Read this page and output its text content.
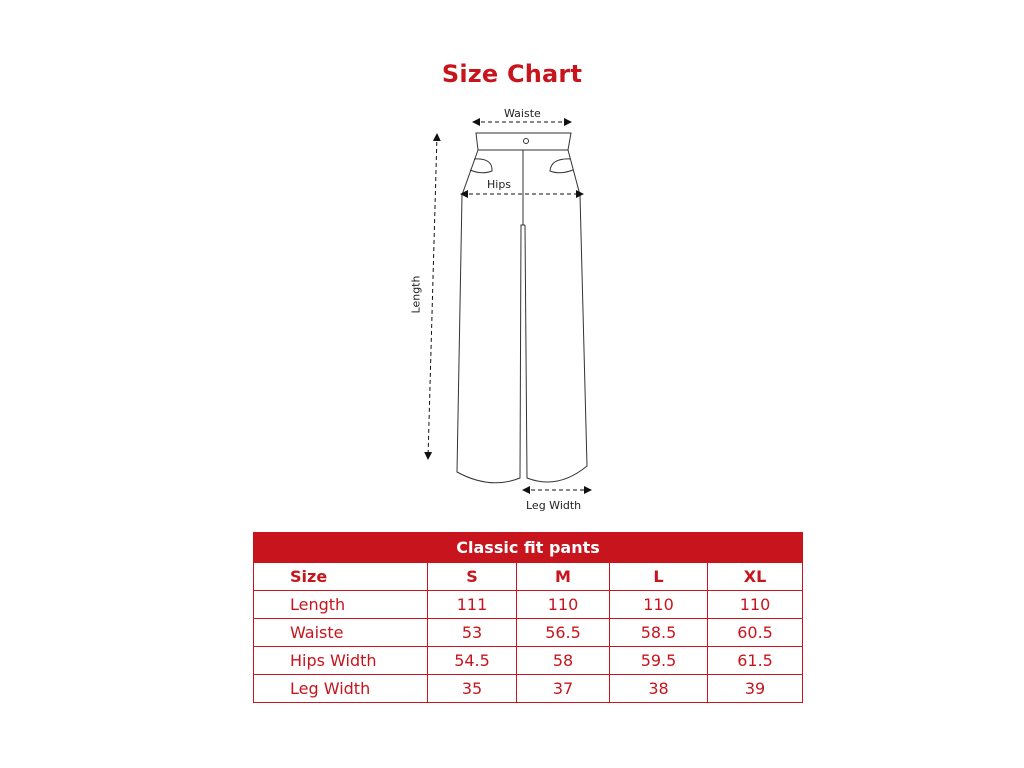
Size Chart
Waiste
Hips
Length
Leg Width
Classic fit pants				
Size	S	M	L	XL
Length	111	110	110	110
Waiste	53	56.5	58.5	60.5
Hips Width	54.5	58	59.5	61.5
Leg Width	35	37	38	39
